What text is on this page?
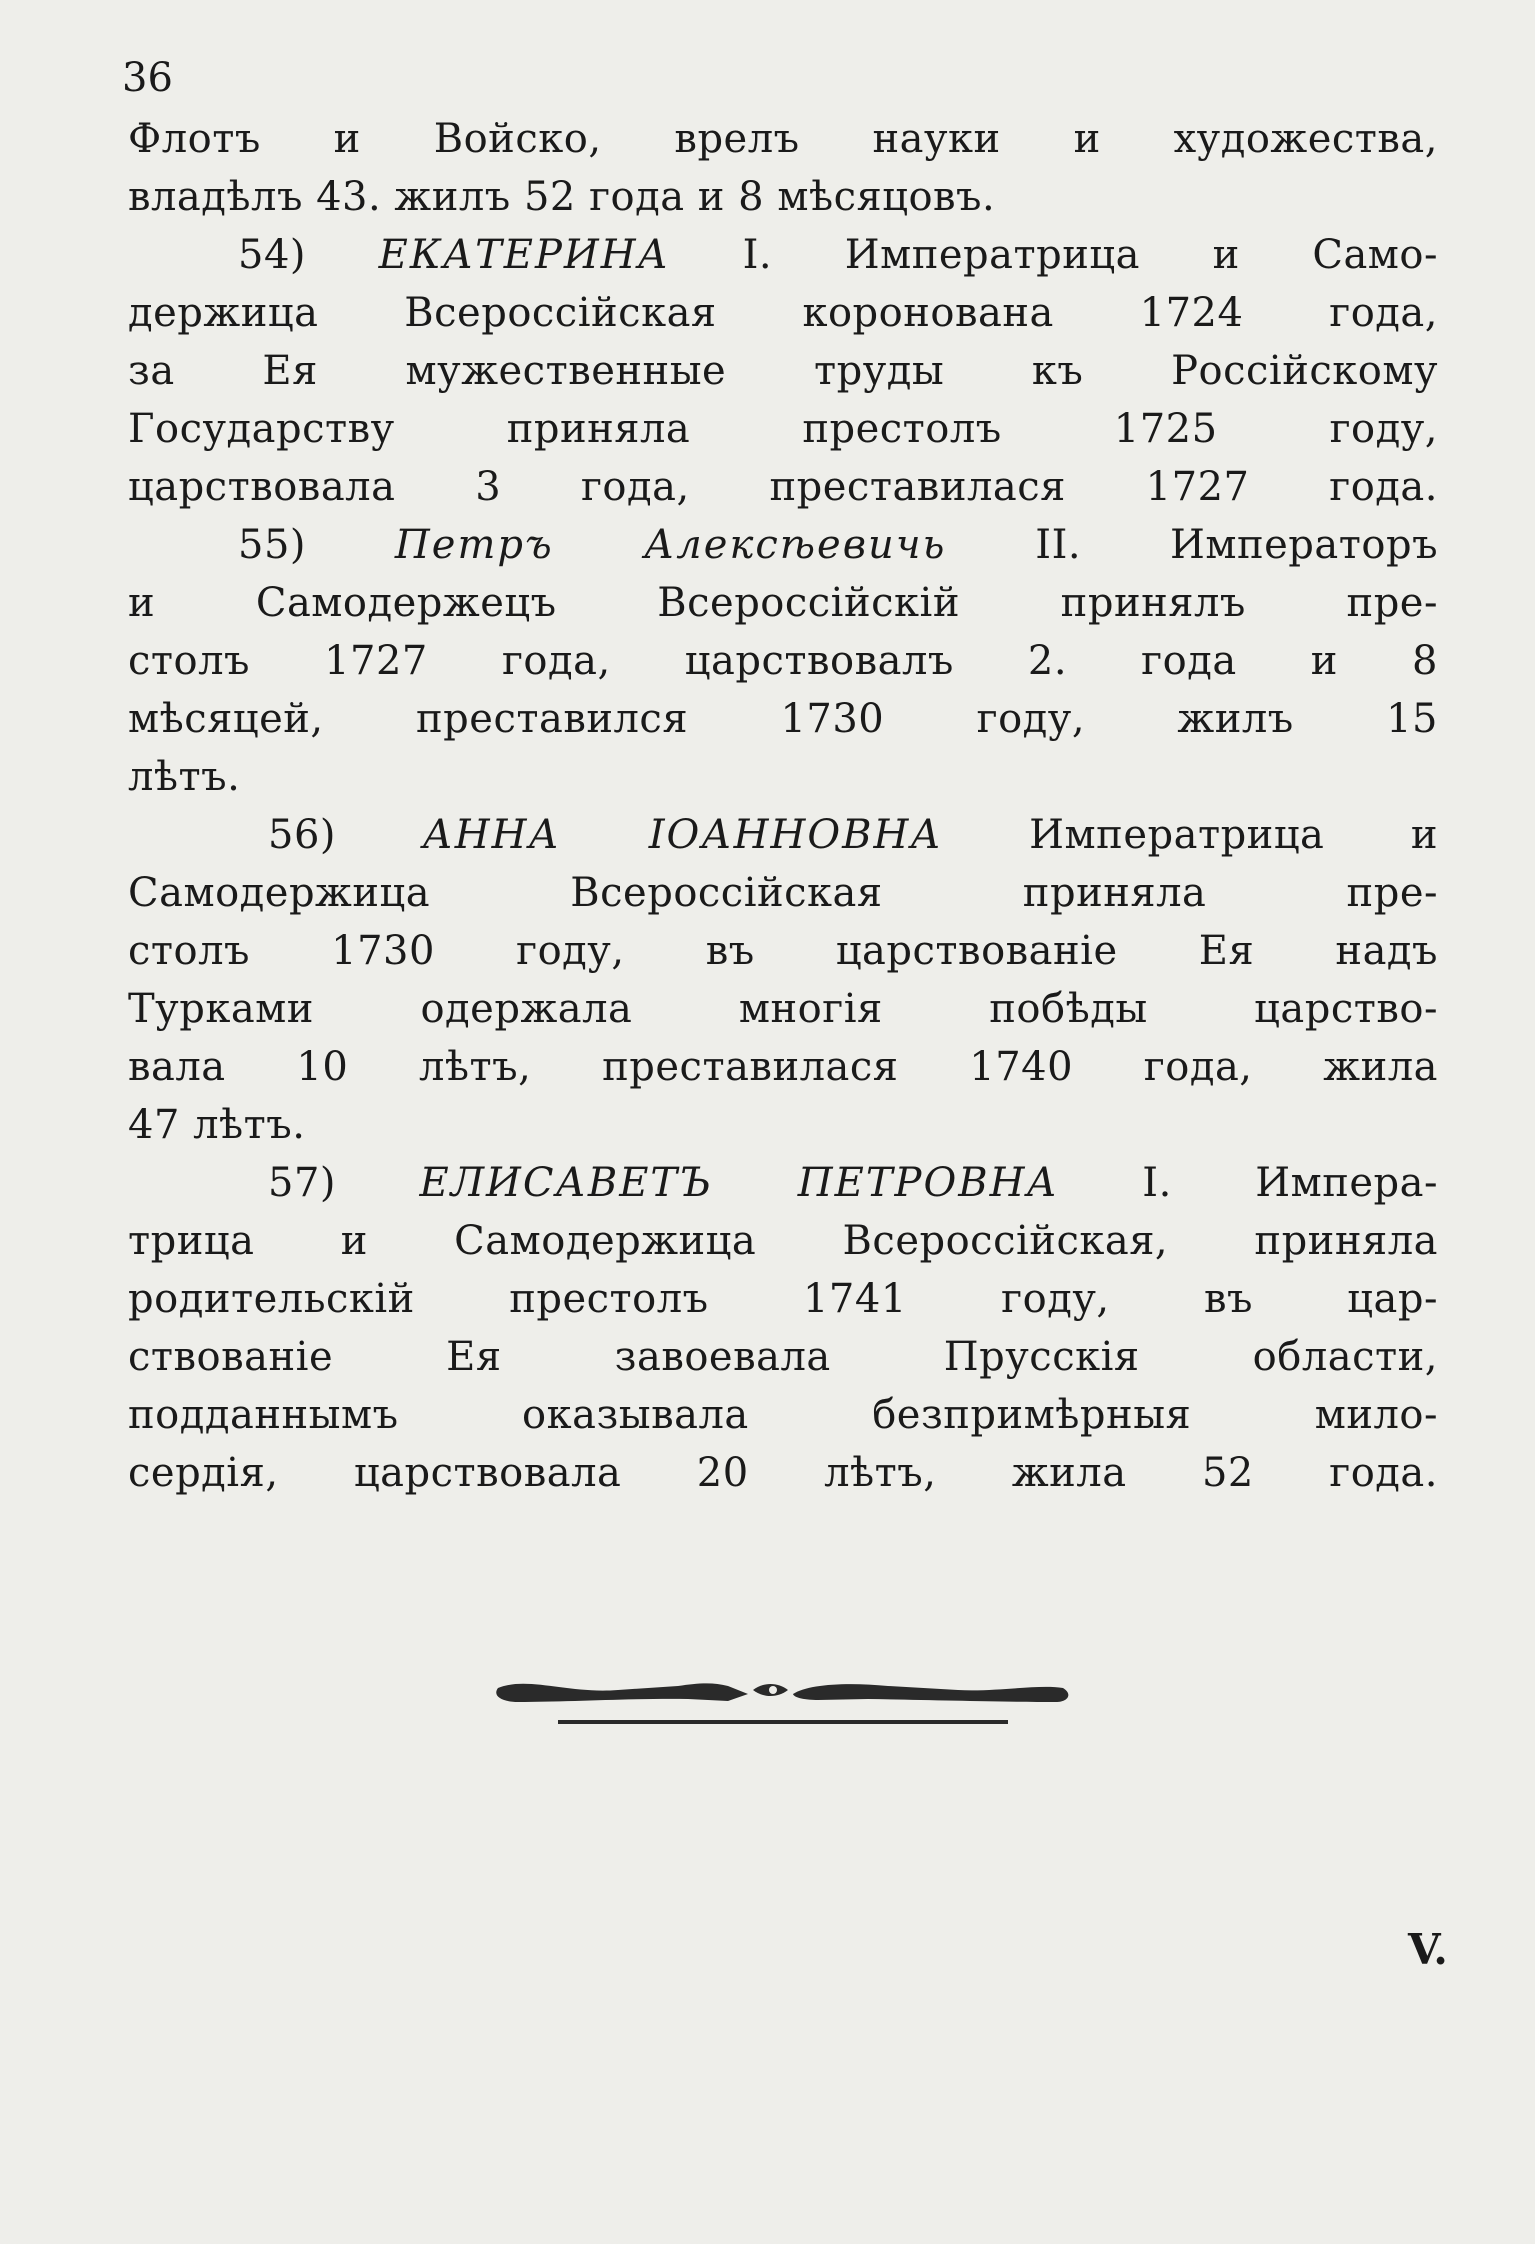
36
Флотъ и Войско, врелъ науки и художества,
владѣлъ 43. жилъ 52 года и 8 мѣсяцовъ.
54) ЕКАТЕРИНА I. Императрица и Само-
держица Всероссійская коронована 1724 года,
за Ея мужественные труды къ Россійскому
Государству приняла престолъ 1725 году,
царствовала 3 года, преставилася 1727 года.
55) Петръ Алексѣевичь II. Императоръ
и Самодержецъ Всероссійскій принялъ пре-
столъ 1727 года, царствовалъ 2. года и 8
мѣсяцей, преставился 1730 году, жилъ 15
лѣтъ.
56) АННА ІОАННОВНА Императрица и
Самодержица Всероссійская приняла пре-
столъ 1730 году, въ царствованіе Ея надъ
Турками одержала многія побѣды царство-
вала 10 лѣтъ, преставилася 1740 года, жила
47 лѣтъ.
57) ЕЛИСАВЕТЪ ПЕТРОВНА I. Импера-
трица и Самодержица Всероссійская, приняла
родительскій престолъ 1741 году, въ цар-
ствованіе Ея завоевала Прусскія области,
подданнымъ оказывала безпримѣрныя мило-
сердія, царствовала 20 лѣтъ, жила 52 года.
V.
